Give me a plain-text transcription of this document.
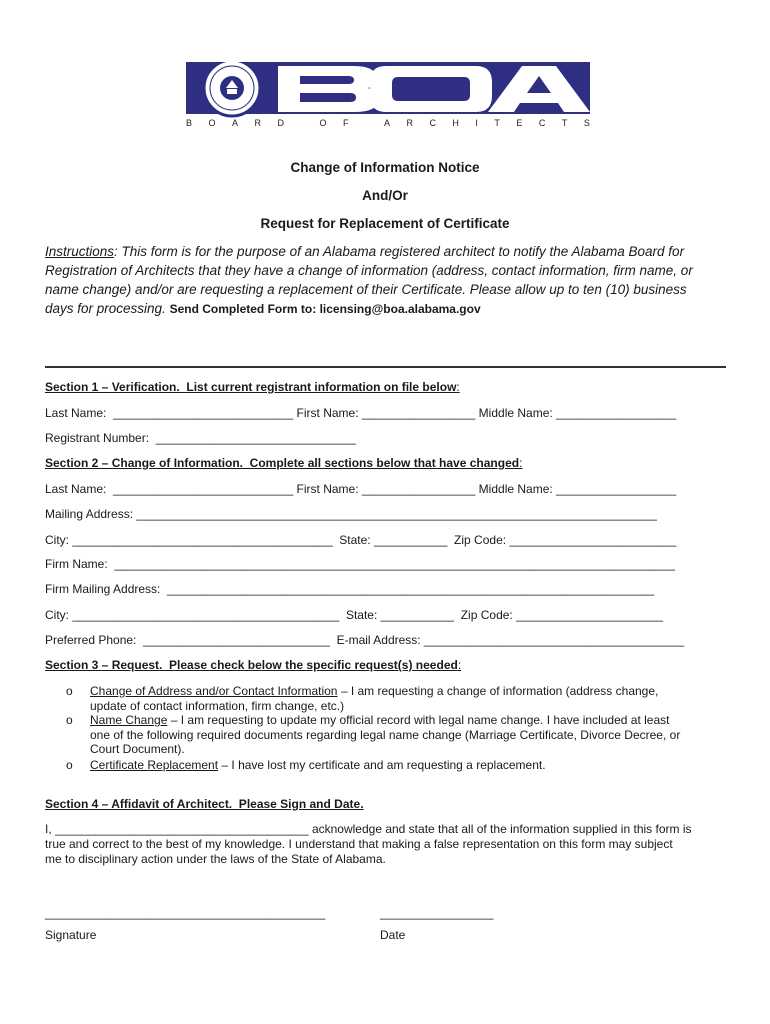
B O A R D
	O F
	A R C H I T E C T S
Change of Information Notice
And/Or
Request for Replacement of Certificate
Instructions: This form is for the purpose of an Alabama registered architect to notify the Alabama Board for
Registration of Architects that they have a change of information (address, contact information, firm name, or
name change) and/or are requesting a replacement of their Certificate. Please allow up to ten (10) business
days for processing. Send Completed Form to: licensing@boa.alabama.gov
Section 1 – Verification.  List current registrant information on file below:
Last Name:  ___________________________ First Name: _________________ Middle Name: __________________
Registrant Number:  ______________________________
Section 2 – Change of Information.  Complete all sections below that have changed:
Last Name:  ___________________________ First Name: _________________ Middle Name: __________________
Mailing Address: ______________________________________________________________________________
City: _______________________________________  State: ___________  Zip Code: _________________________
Firm Name:  ____________________________________________________________________________________
Firm Mailing Address:  _________________________________________________________________________
City: ________________________________________  State: ___________  Zip Code: ______________________
Preferred Phone:  ____________________________  E-mail Address: _______________________________________
Section 3 – Request.  Please check below the specific request(s) needed:
o Change of Address and/or Contact Information – I am requesting a change of information (address change,
update of contact information, firm change, etc.)
o Name Change – I am requesting to update my official record with legal name change. I have included at least
one of the following required documents regarding legal name change (Marriage Certificate, Divorce Decree, or
Court Document).
o Certificate Replacement – I have lost my certificate and am requesting a replacement.
Section 4 – Affidavit of Architect.  Please Sign and Date.
I, ______________________________________ acknowledge and state that all of the information supplied in this form is
true and correct to the best of my knowledge. I understand that making a false representation on this form may subject
me to disciplinary action under the laws of the State of Alabama.
__________________________________________	_________________
Signature	Date
